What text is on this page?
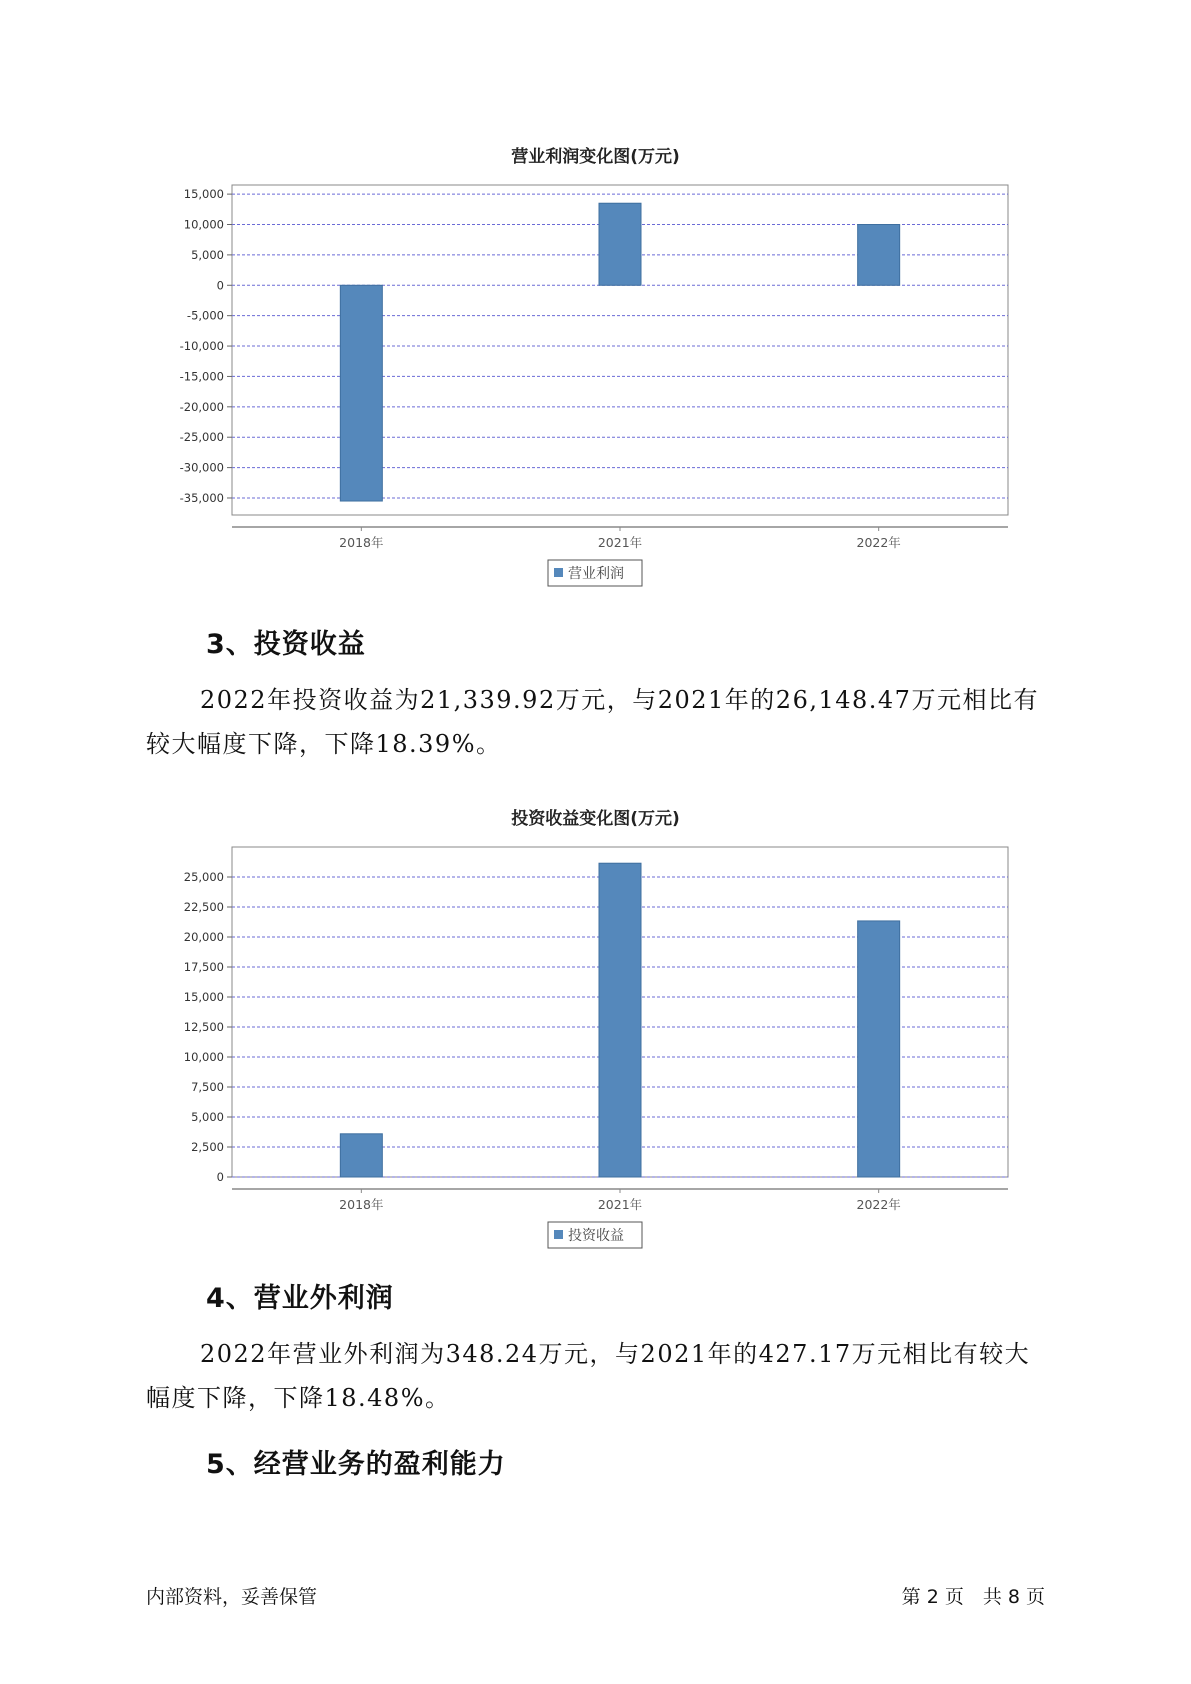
营业利润变化图(万元)
15,000
10,000
5,000
0
-5,000
-10,000
-15,000
-20,000
-25,000
-30,000
-35,000
2018年	2021年	2022年
营业利润
3、投资收益

2022年投资收益为21,339.92万元，与2021年的26,148.47万元相比有较大幅度下降，下降18.39%。

投资收益变化图(万元)
25,000
22,500
20,000
17,500
15,000
12,500
10,000
7,500
5,000
2,500
0
2018年	2021年	2022年
投资收益
4、营业外利润

2022年营业外利润为348.24万元，与2021年的427.17万元相比有较大幅度下降，下降18.48%。

5、经营业务的盈利能力
内部资料，妥善保管	第 2 页　共 8 页
